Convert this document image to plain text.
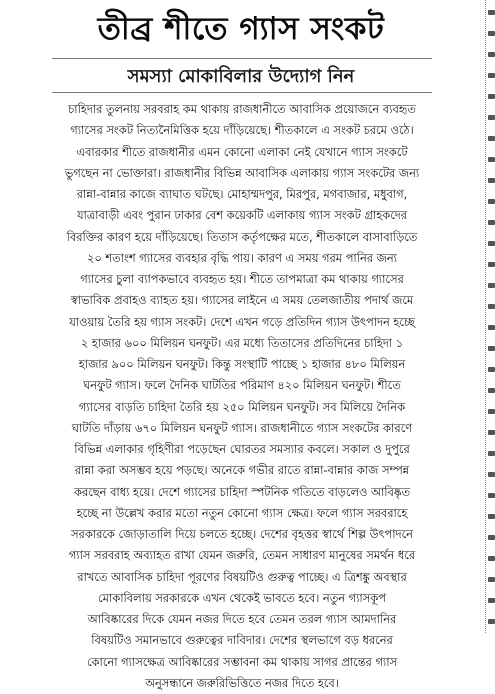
তীব্র শীতে গ্যাস সংকট
সমস্যা মোকাবিলার উদ্যোগ নিন
চাহিদার তুলনায় সরবরাহ কম থাকায় রাজধানীতে আবাসিক প্রয়োজনে ব্যবহৃত
গ্যাসের সংকট নিত্যনৈমিত্তিক হয়ে দাঁড়িয়েছে। শীতকালে এ সংকট চরমে ওঠে।
এবারকার শীতে রাজধানীর এমন কোনো এলাকা নেই যেখানে গ্যাস সংকটে
ভুগছেন না ভোক্তারা। রাজধানীর বিভিন্ন আবাসিক এলাকায় গ্যাস সংকটের জন্য
রান্না-বান্নার কাজে ব্যাঘাত ঘটছে। মোহাম্মদপুর, মিরপুর, মগবাজার, মধুবাগ,
যাত্রাবাড়ী এবং পুরান ঢাকার বেশ কয়েকটি এলাকায় গ্যাস সংকট গ্রাহকদের
বিরক্তির কারণ হয়ে দাঁড়িয়েছে। তিতাস কর্তৃপক্ষের মতে, শীতকালে বাসাবাড়িতে
২০ শতাংশ গ্যাসের ব্যবহার বৃদ্ধি পায়। কারণ এ সময় গরম পানির জন্য
গ্যাসের চুলা ব্যাপকভাবে ব্যবহৃত হয়। শীতে তাপমাত্রা কম থাকায় গ্যাসের
স্বাভাবিক প্রবাহও ব্যাহত হয়। গ্যাসের লাইনে এ সময় তেলজাতীয় পদার্থ জমে
যাওয়ায় তৈরি হয় গ্যাস সংকট। দেশে এখন গড়ে প্রতিদিন গ্যাস উৎপাদন হচ্ছে
২ হাজার ৬০০ মিলিয়ন ঘনফুট। এর মধ্যে তিতাসের প্রতিদিনের চাহিদা ১
হাজার ৯০০ মিলিয়ন ঘনফুট। কিন্তু সংস্থাটি পাচ্ছে ১ হাজার ৪৮০ মিলিয়ন
ঘনফুট গ্যাস। ফলে দৈনিক ঘাটতির পরিমাণ ৪২০ মিলিয়ন ঘনফুট। শীতে
গ্যাসের বাড়তি চাহিদা তৈরি হয় ২৫০ মিলিয়ন ঘনফুট। সব মিলিয়ে দৈনিক
ঘাটতি দাঁড়ায় ৬৭০ মিলিয়ন ঘনফুট গ্যাস। রাজধানীতে গ্যাস সংকটের কারণে
বিভিন্ন এলাকার গৃহিণীরা পড়েছেন ঘোরতর সমস্যার কবলে। সকাল ও দুপুরে
রান্না করা অসম্ভব হয়ে পড়ছে। অনেকে গভীর রাতে রান্না-বান্নার কাজ সম্পন্ন
করছেন বাধ্য হয়ে। দেশে গ্যাসের চাহিদা স্পটনিক গতিতে বাড়লেও আবিষ্কৃত
হচ্ছে না উল্লেখ করার মতো নতুন কোনো গ্যাস ক্ষেত্র। ফলে গ্যাস সরবরাহে
সরকারকে জোড়াতালি দিয়ে চলতে হচ্ছে। দেশের বৃহত্তর স্বার্থে শিল্প উৎপাদনে
গ্যাস সরবরাহ অব্যাহত রাখা যেমন জরুরি, তেমন সাধারণ মানুষের সমর্থন ধরে
রাখতে আবাসিক চাহিদা পূরণের বিষয়টিও গুরুত্ব পাচ্ছে। এ ত্রিশঙ্কু অবস্থার
মোকাবিলায় সরকারকে এখন থেকেই ভাবতে হবে। নতুন গ্যাসকূপ
আবিষ্কারের দিকে যেমন নজর দিতে হবে তেমন তরল গ্যাস আমদানির
বিষয়টিও সমানভাবে গুরুত্বের দাবিদার। দেশের স্থলভাগে বড় ধরনের
কোনো গ্যাসক্ষেত্র আবিষ্কারের সম্ভাবনা কম থাকায় সাগর প্রান্তের গ্যাস
অনুসন্ধানে জরুরিভিত্তিতে নজর দিতে হবে।
